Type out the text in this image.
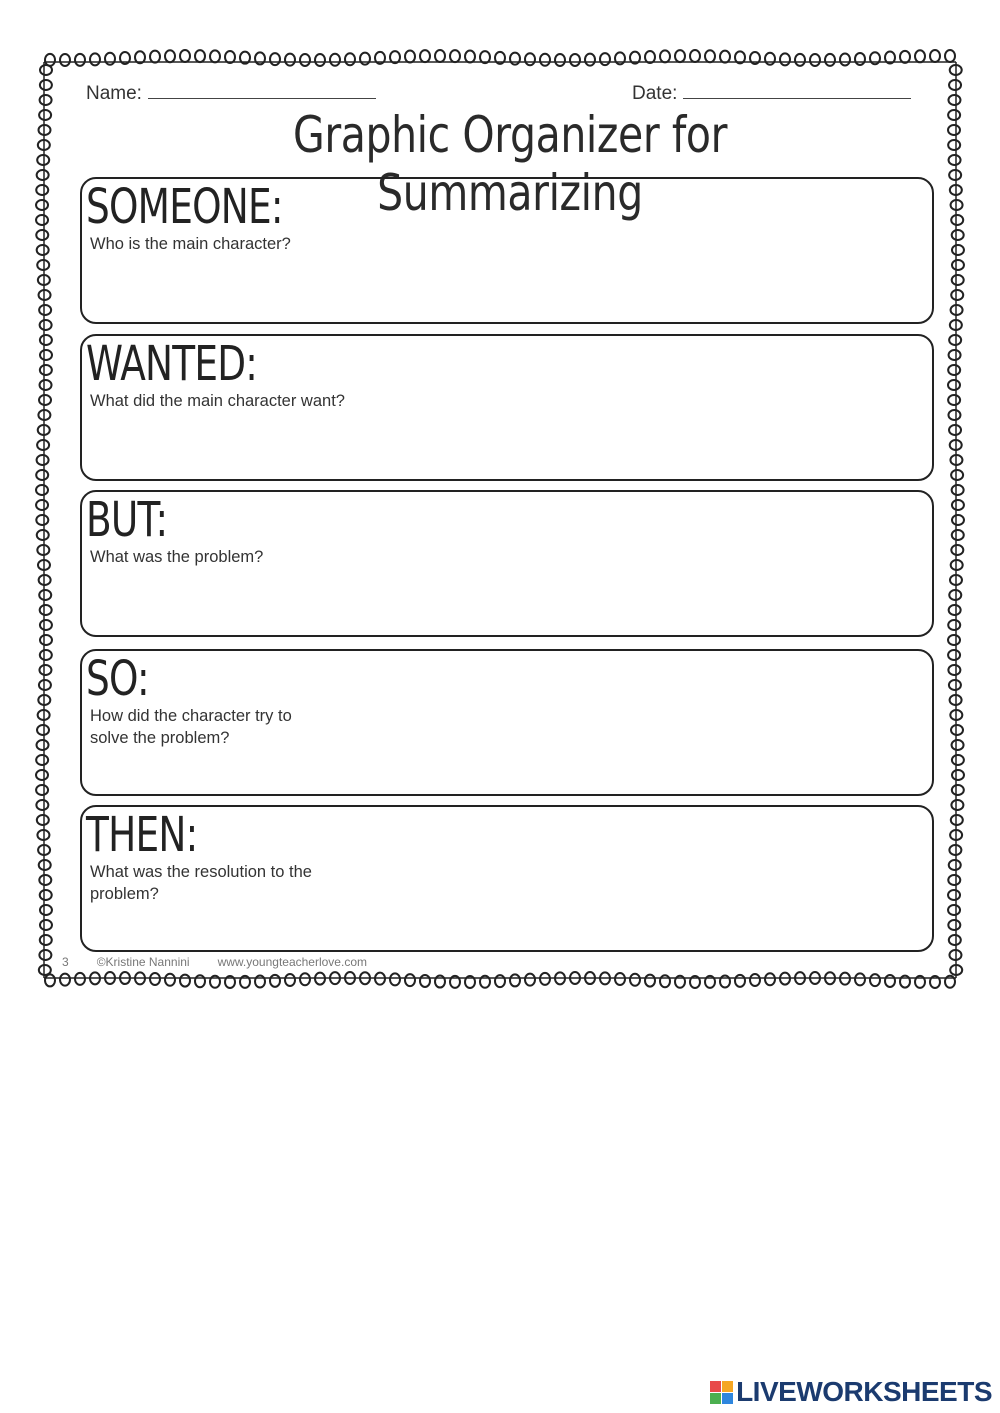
Name:	Date:
Graphic Organizer for Summarizing
SOMEONE:
Who is the main character?
WANTED:
What did the main character want?
BUT:
What was the problem?
SO:
How did the character try to solve the problem?
THEN:
What was the resolution to the problem?
3 ©Kristine Nannini www.youngteacherlove.com
LIVEWORKSHEETS
